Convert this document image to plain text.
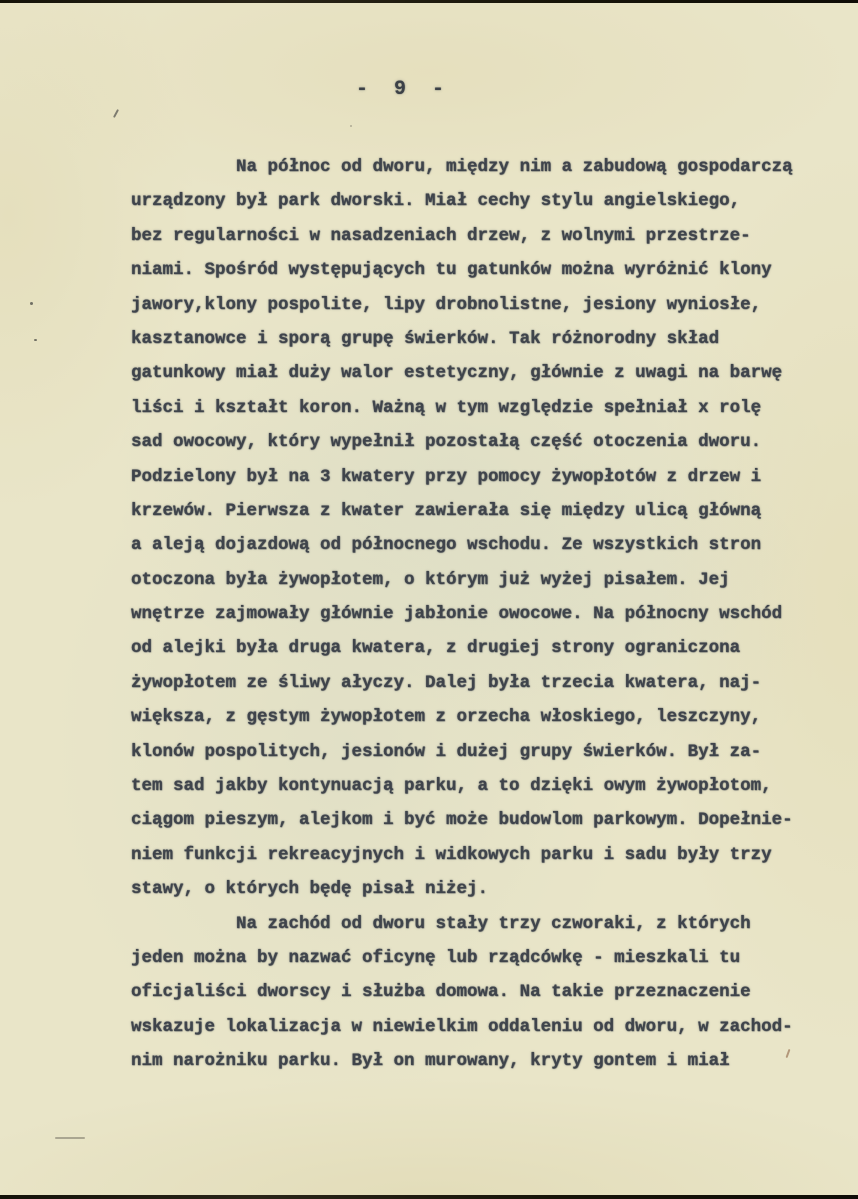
- 9 -
Na północ od dworu, między nim a zabudową gospodarczą
urządzony był park dworski. Miał cechy stylu angielskiego,
bez regularności w nasadzeniach drzew, z wolnymi przestrze-
niami. Spośród występujących tu gatunków można wyróżnić klony
jawory,klony pospolite, lipy drobnolistne, jesiony wyniosłe,
kasztanowce i sporą grupę świerków. Tak różnorodny skład
gatunkowy miał duży walor estetyczny, głównie z uwagi na barwę
liści i kształt koron. Ważną w tym względzie spełniał x rolę
sad owocowy, który wypełnił pozostałą część otoczenia dworu.
Podzielony był na 3 kwatery przy pomocy żywopłotów z drzew i
krzewów. Pierwsza z kwater zawierała się między ulicą główną
a aleją dojazdową od północnego wschodu. Ze wszystkich stron
otoczona była żywopłotem, o którym już wyżej pisałem. Jej
wnętrze zajmowały głównie jabłonie owocowe. Na północny wschód
od alejki była druga kwatera, z drugiej strony ograniczona
żywopłotem ze śliwy ałyczy. Dalej była trzecia kwatera, naj-
większa, z gęstym żywopłotem z orzecha włoskiego, leszczyny,
klonów pospolitych, jesionów i dużej grupy świerków. Był za-
tem sad jakby kontynuacją parku, a to dzięki owym żywopłotom,
ciągom pieszym, alejkom i być może budowlom parkowym. Dopełnie-
niem funkcji rekreacyjnych i widkowych parku i sadu były trzy
stawy, o których będę pisał niżej.
Na zachód od dworu stały trzy czworaki, z których
jeden można by nazwać oficynę lub rządcówkę - mieszkali tu
oficjaliści dworscy i służba domowa. Na takie przeznaczenie
wskazuje lokalizacja w niewielkim oddaleniu od dworu, w zachod-
nim narożniku parku. Był on murowany, kryty gontem i miał
